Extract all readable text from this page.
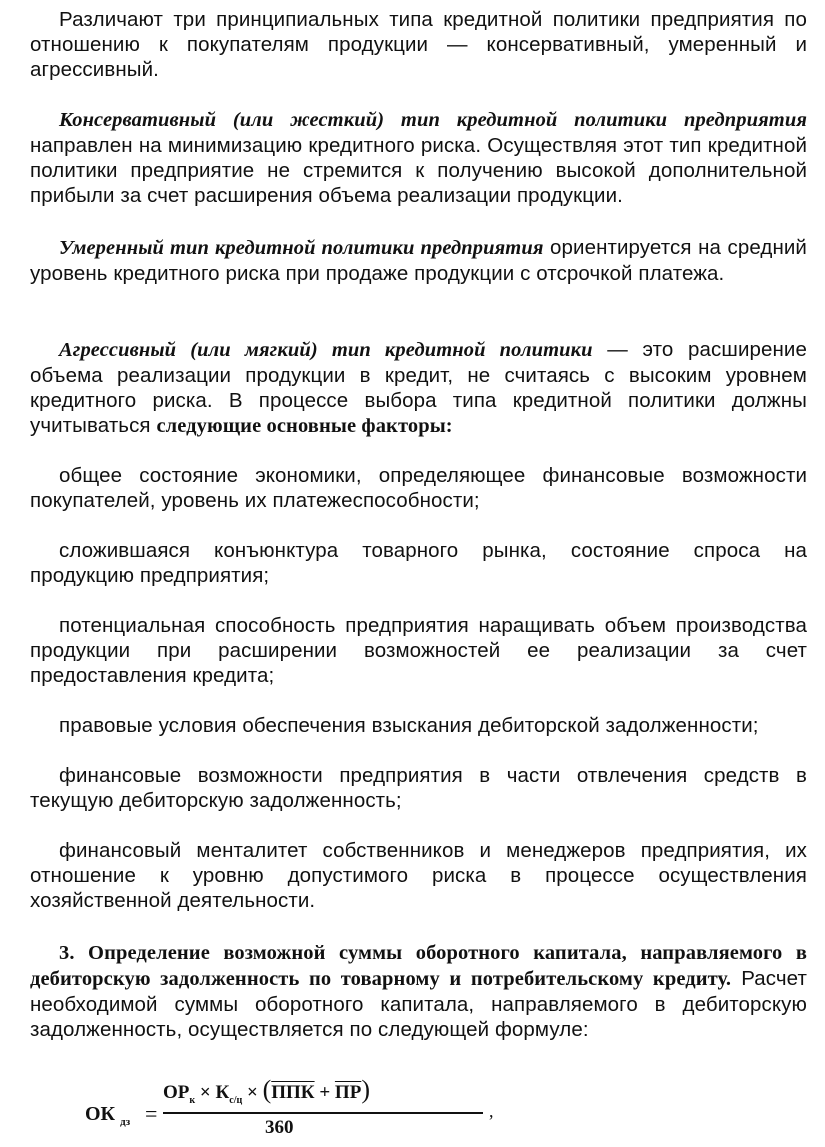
Различают три принципиальных типа кредитной политики предприятия по отношению к покупателям продукции — консервативный, умеренный и агрессивный.

Консервативный (или жесткий) тип кредитной политики предприятия направлен на минимизацию кредитного риска. Осуществляя этот тип кредитной политики предприятие не стремится к получению высокой дополнительной прибыли за счет расширения объема реализации продукции.

Умеренный тип кредитной политики предприятия ориентируется на средний уровень кредитного риска при продаже продукции с отсрочкой платежа.

Агрессивный (или мягкий) тип кредитной политики — это расширение объема реализации продукции в кредит, не считаясь с высоким уровнем кредитного риска. В процессе выбора типа кредитной политики должны учитываться следующие основные факторы:

общее состояние экономики, определяющее финансовые возможности покупателей, уровень их платежеспособности;

сложившаяся конъюнктура товарного рынка, состояние спроса на продукцию предприятия;

потенциальная способность предприятия наращивать объем производства продукции при расширении возможностей ее реализации за счет предоставления кредита;

правовые условия обеспечения взыскания дебиторской задолженности;

финансовые возможности предприятия в части отвлечения средств в текущую дебиторскую задолженность;

финансовый менталитет собственников и менеджеров предприятия, их отношение к уровню допустимого риска в процессе осуществления хозяйственной деятельности.

3. Определение возможной суммы оборотного капитала, направляемого в дебиторскую задолженность по товарному и потребительскому кредиту. Расчет необходимой суммы оборотного капитала, направляемого в дебиторскую задолженность, осуществляется по следующей формуле:

ОК $_{дз}$ =
$ОР_к \times К_{с/ц} \times (ППК + ПР)$
360
,
